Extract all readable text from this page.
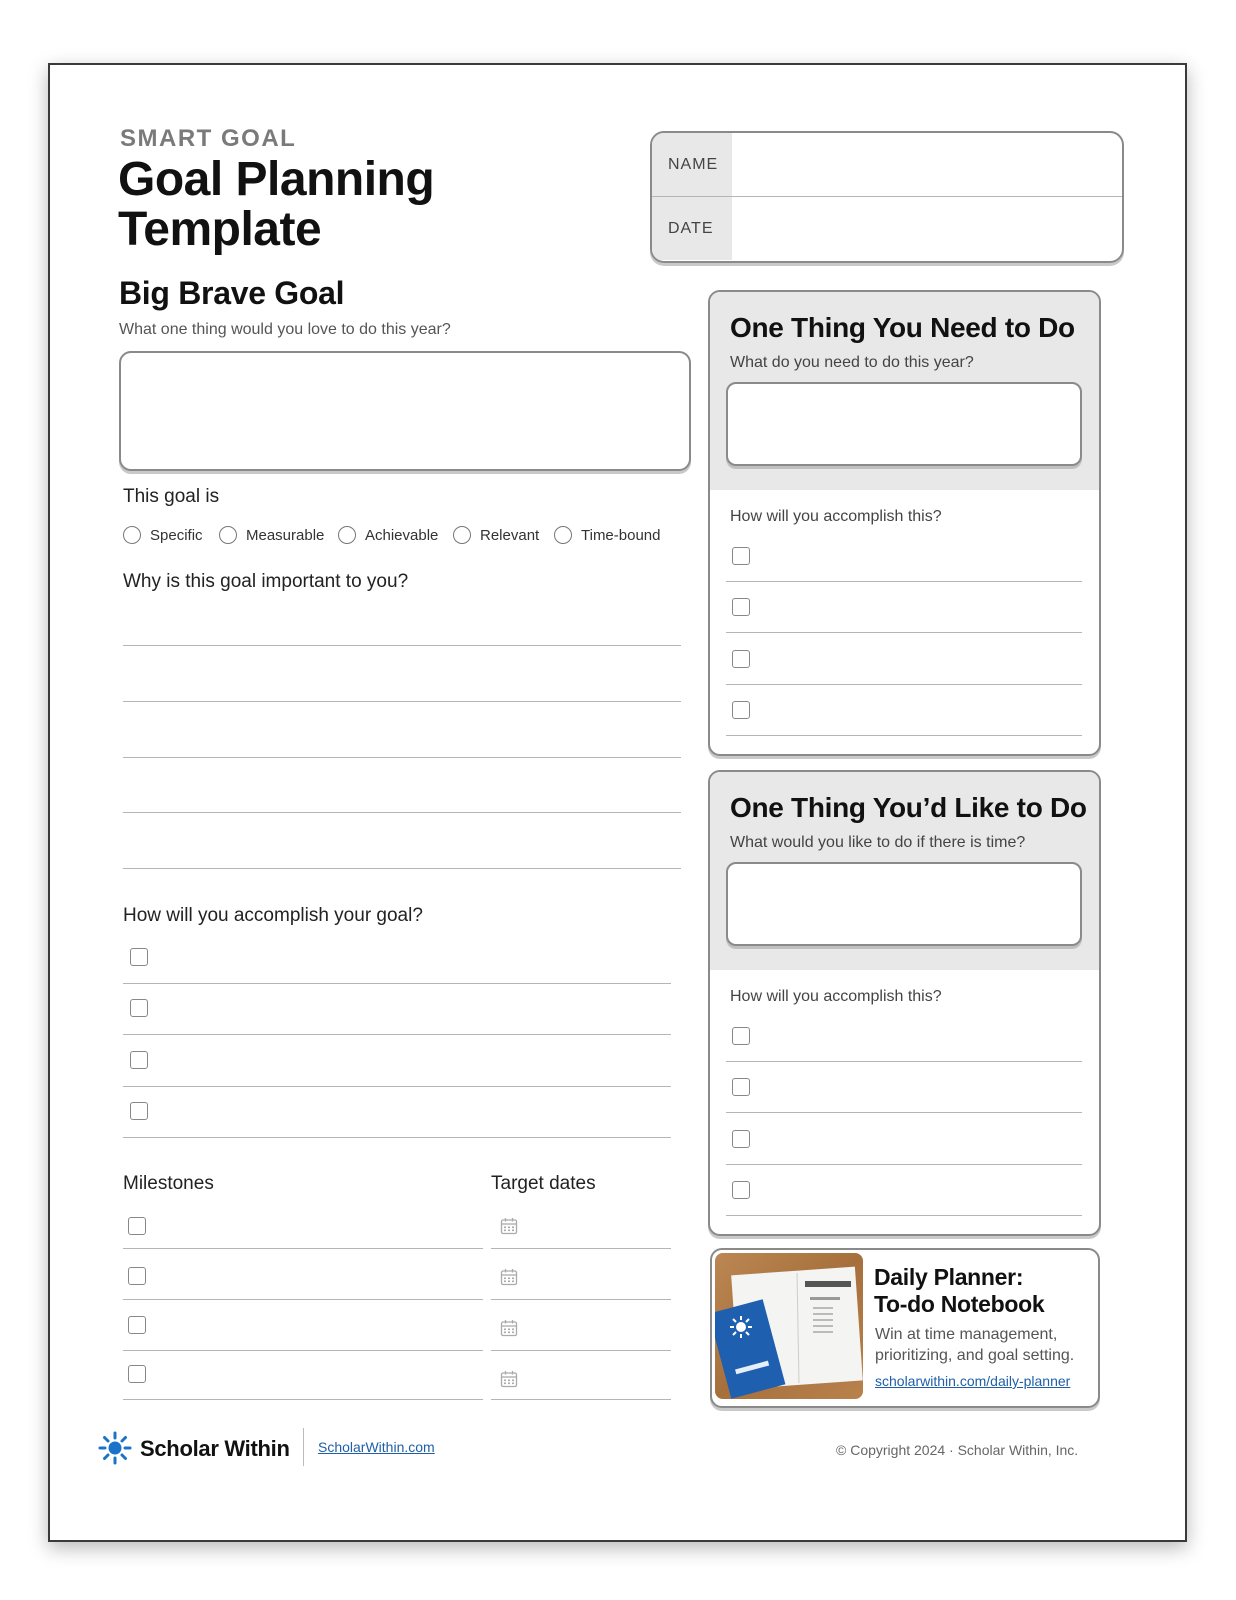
SMART GOAL
Goal Planning
Template
NAME
DATE
Big Brave Goal
What one thing would you love to do this year?
This goal is
Specific	Measurable	Achievable	Relevant	Time-bound
Why is this goal important to you?
How will you accomplish your goal?
Milestones	Target dates
One Thing You Need to Do
What do you need to do this year?
How will you accomplish this?
One Thing You’d Like to Do
What would you like to do if there is time?
How will you accomplish this?
Daily Planner:
To-do Notebook
Win at time management,
prioritizing, and goal setting.
scholarwithin.com/daily-planner
Scholar Within ScholarWithin.com	© Copyright 2024 · Scholar Within, Inc.
